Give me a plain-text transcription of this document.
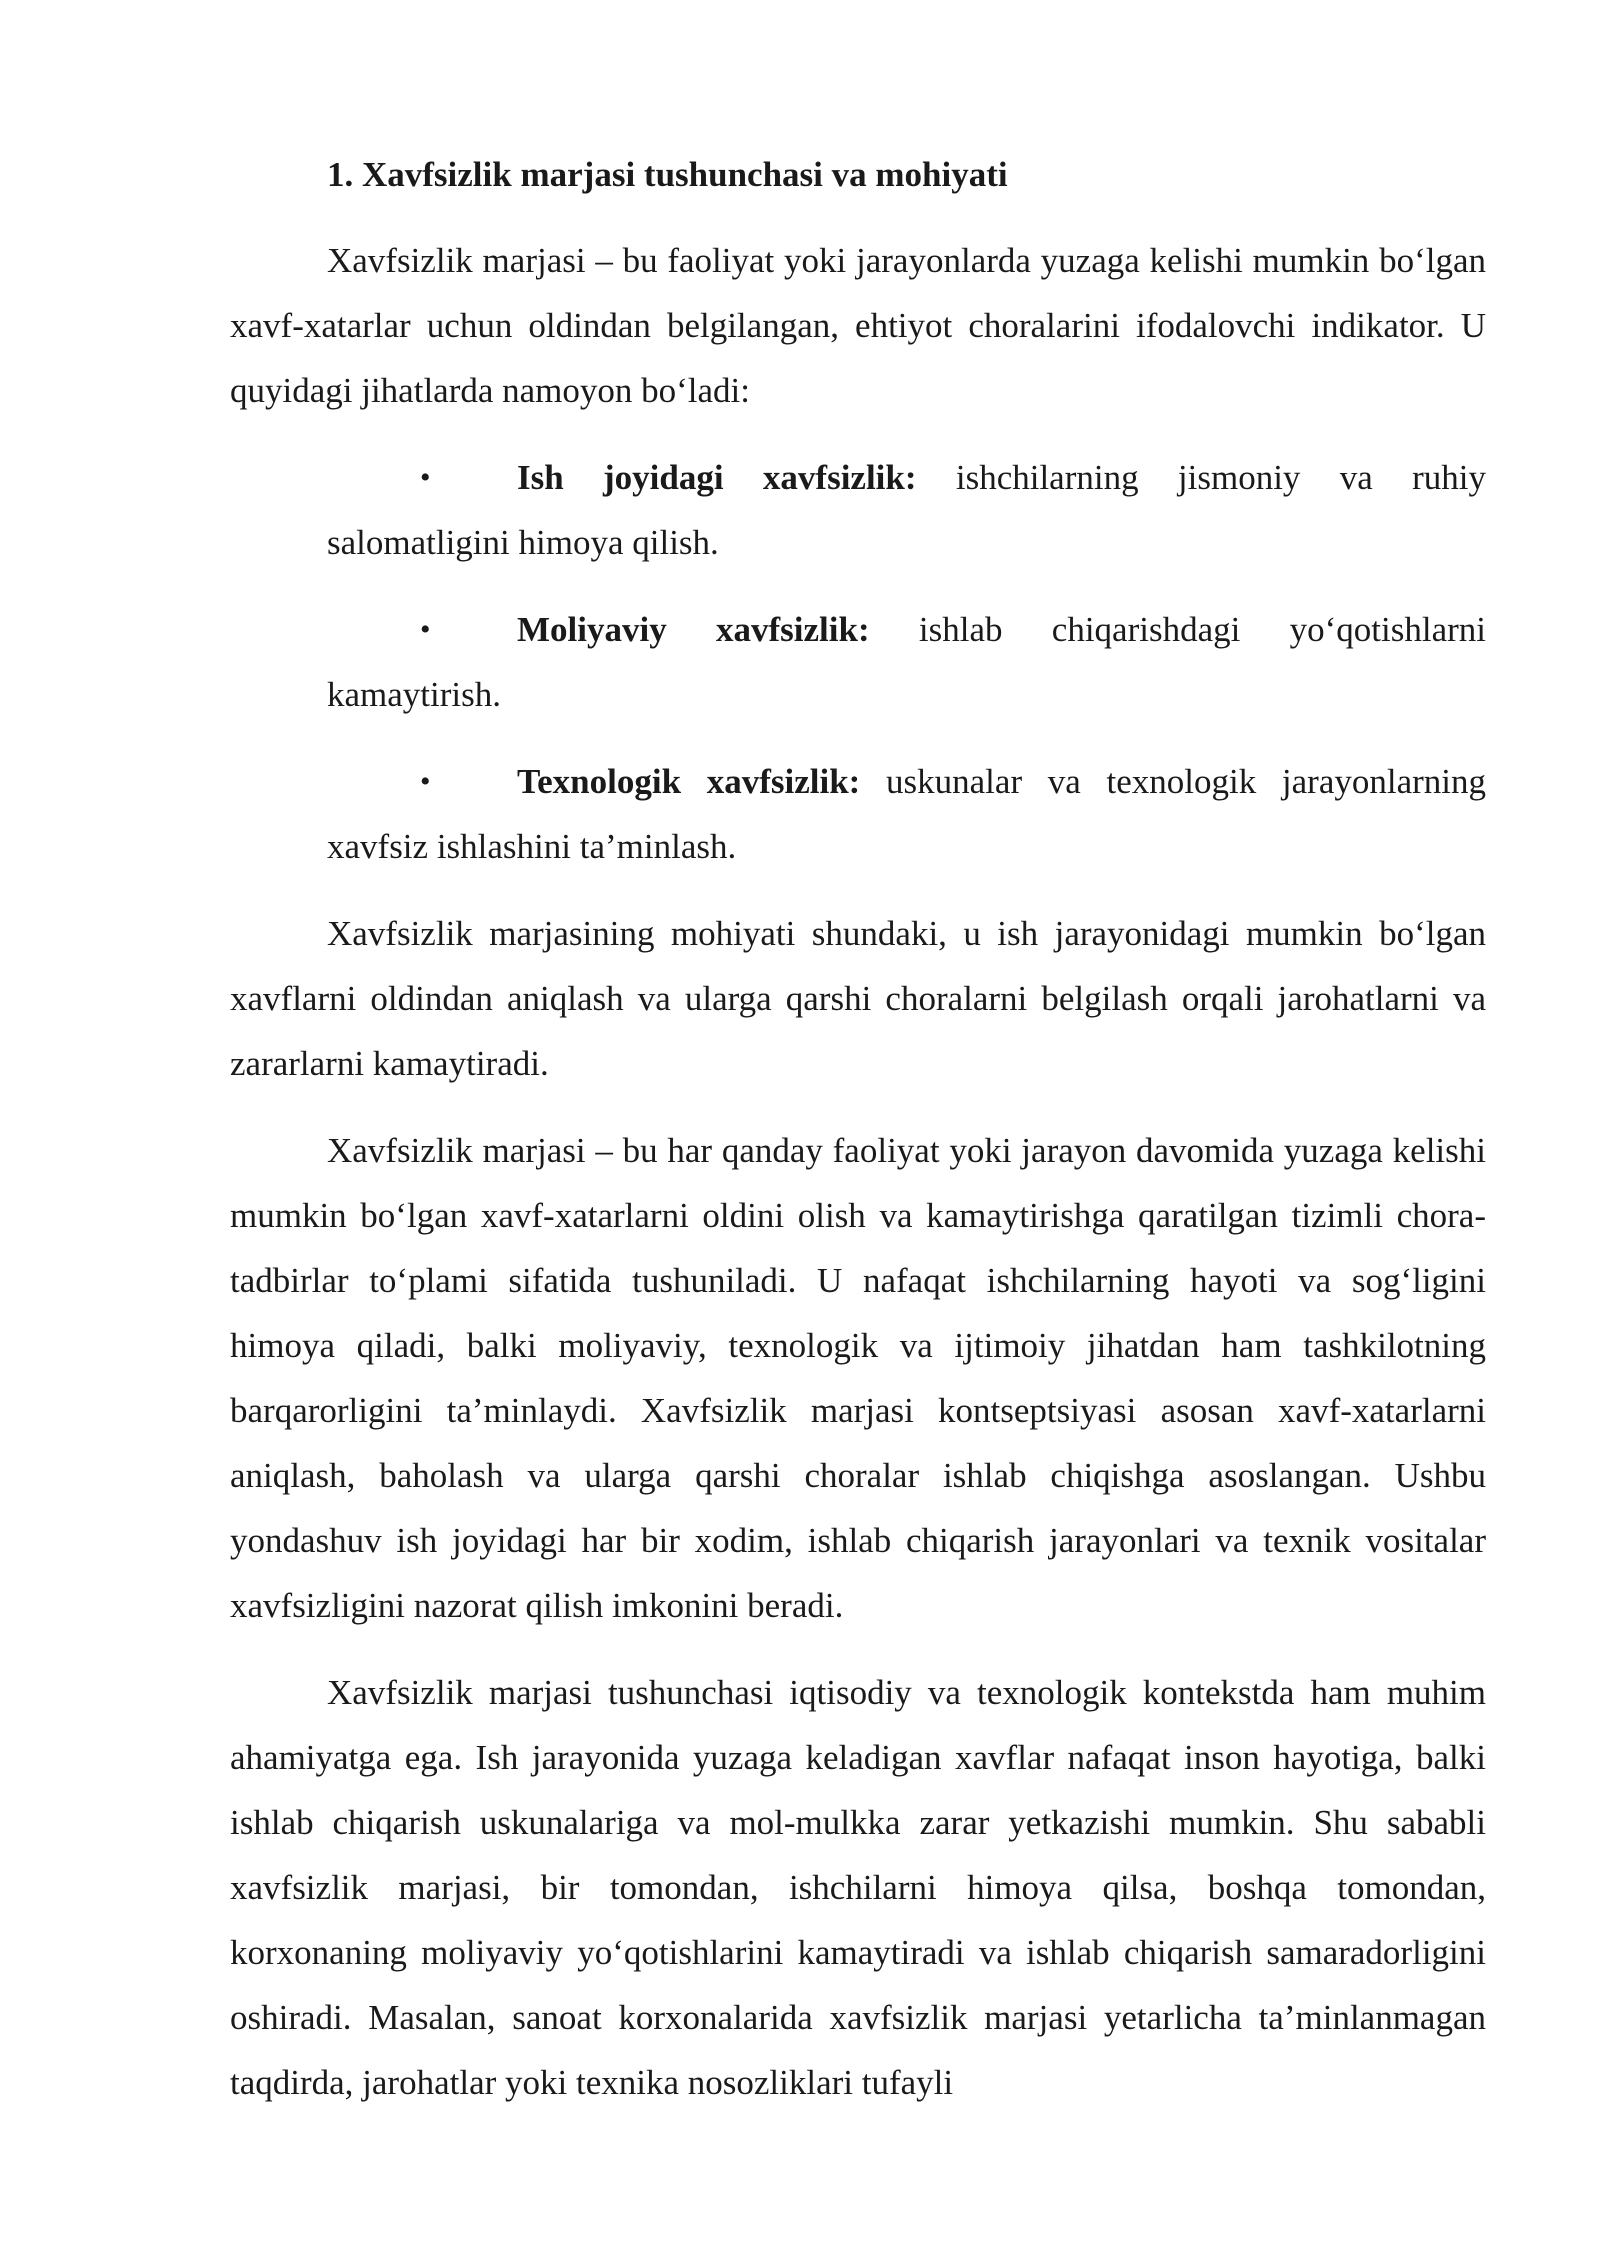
1. Xavfsizlik marjasi tushunchasi va mohiyati

Xavfsizlik marjasi – bu faoliyat yoki jarayonlarda yuzaga kelishi mumkin bo‘lgan xavf-xatarlar uchun oldindan belgilangan, ehtiyot choralarini ifodalovchi indikator. U quyidagi jihatlarda namoyon bo‘ladi:

• Ish joyidagi xavfsizlik: ishchilarning jismoniy va ruhiy salomatligini himoya qilish.
• Moliyaviy xavfsizlik: ishlab chiqarishdagi yo‘qotishlarni kamaytirish.
• Texnologik xavfsizlik: uskunalar va texnologik jarayonlarning xavfsiz ishlashini ta’minlash.

Xavfsizlik marjasining mohiyati shundaki, u ish jarayonidagi mumkin bo‘lgan xavflarni oldindan aniqlash va ularga qarshi choralarni belgilash orqali jarohatlarni va zararlarni kamaytiradi.

Xavfsizlik marjasi – bu har qanday faoliyat yoki jarayon davomida yuzaga kelishi mumkin bo‘lgan xavf-xatarlarni oldini olish va kamaytirishga qaratilgan tizimli chora-tadbirlar to‘plami sifatida tushuniladi. U nafaqat ishchilarning hayoti va sog‘ligini himoya qiladi, balki moliyaviy, texnologik va ijtimoiy jihatdan ham tashkilotning barqarorligini ta’minlaydi. Xavfsizlik marjasi kontseptsiyasi asosan xavf-xatarlarni aniqlash, baholash va ularga qarshi choralar ishlab chiqishga asoslangan. Ushbu yondashuv ish joyidagi har bir xodim, ishlab chiqarish jarayonlari va texnik vositalar xavfsizligini nazorat qilish imkonini beradi.

Xavfsizlik marjasi tushunchasi iqtisodiy va texnologik kontekstda ham muhim ahamiyatga ega. Ish jarayonida yuzaga keladigan xavflar nafaqat inson hayotiga, balki ishlab chiqarish uskunalariga va mol-mulkka zarar yetkazishi mumkin. Shu sababli xavfsizlik marjasi, bir tomondan, ishchilarni himoya qilsa, boshqa tomondan, korxonaning moliyaviy yo‘qotishlarini kamaytiradi va ishlab chiqarish samaradorligini oshiradi. Masalan, sanoat korxonalarida xavfsizlik marjasi yetarlicha ta’minlanmagan taqdirda, jarohatlar yoki texnika nosozliklari tufayli
